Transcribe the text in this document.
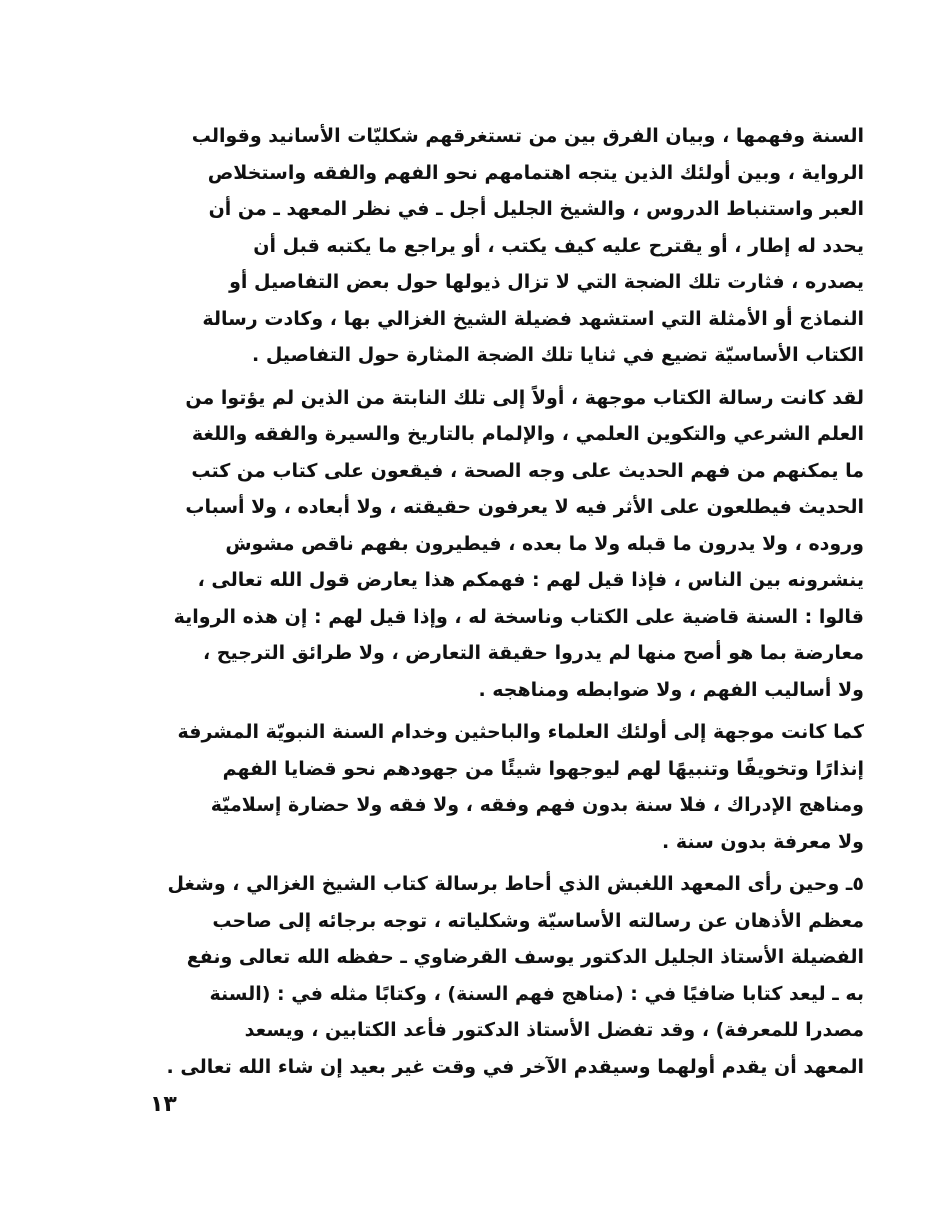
السنة وفهمها ، وبيان الفرق بين من تستغرقهم شكليّات الأسانيد وقوالب
الرواية ، وبين أولئك الذين يتجه اهتمامهم نحو الفهم والفقه واستخلاص
العبر واستنباط الدروس ، والشيخ الجليل أجل ـ في نظر المعهد ـ من أن
يحدد له إطار ، أو يقترح عليه كيف يكتب ، أو يراجع ما يكتبه قبل أن
يصدره ، فثارت تلك الضجة التي لا تزال ذيولها حول بعض التفاصيل أو
النماذج أو الأمثلة التي استشهد فضيلة الشيخ الغزالي بها ، وكادت رسالة
الكتاب الأساسيّة تضيع في ثنايا تلك الضجة المثارة حول التفاصيل .

لقد كانت رسالة الكتاب موجهة ، أولاً إلى تلك النابتة من الذين لم يؤتوا من
العلم الشرعي والتكوين العلمي ، والإلمام بالتاريخ والسيرة والفقه واللغة
ما يمكنهم من فهم الحديث على وجه الصحة ، فيقعون على كتاب من كتب
الحديث فيطلعون على الأثر فيه لا يعرفون حقيقته ، ولا أبعاده ، ولا أسباب
وروده ، ولا يدرون ما قبله ولا ما بعده ، فيطيرون بفهم ناقص مشوش
ينشرونه بين الناس ، فإذا قيل لهم : فهمكم هذا يعارض قول الله تعالى ،
قالوا : السنة قاضية على الكتاب وناسخة له ، وإذا قيل لهم : إن هذه الرواية
معارضة بما هو أصح منها لم يدروا حقيقة التعارض ، ولا طرائق الترجيح ،
ولا أساليب الفهم ، ولا ضوابطه ومناهجه .

كما كانت موجهة إلى أولئك العلماء والباحثين وخدام السنة النبويّة المشرفة
إنذارًا وتخويفًا وتنبيهًا لهم ليوجهوا شيئًا من جهودهم نحو قضايا الفهم
ومناهج الإدراك ، فلا سنة بدون فهم وفقه ، ولا فقه ولا حضارة إسلاميّة
ولا معرفة بدون سنة .

٥ـ وحين رأى المعهد اللغبش الذي أحاط برسالة كتاب الشيخ الغزالي ، وشغل
معظم الأذهان عن رسالته الأساسيّة وشكلياته ، توجه برجائه إلى صاحب
الفضيلة الأستاذ الجليل الدكتور يوسف القرضاوي ـ حفظه الله تعالى ونفع
به ـ ليعد كتابا ضافيًا في : (مناهج فهم السنة) ، وكتابًا مثله في : (السنة
مصدرا للمعرفة) ، وقد تفضل الأستاذ الدكتور فأعد الكتابين ، ويسعد
المعهد أن يقدم أولهما وسيقدم الآخر في وقت غير بعيد إن شاء الله تعالى .

١٣
